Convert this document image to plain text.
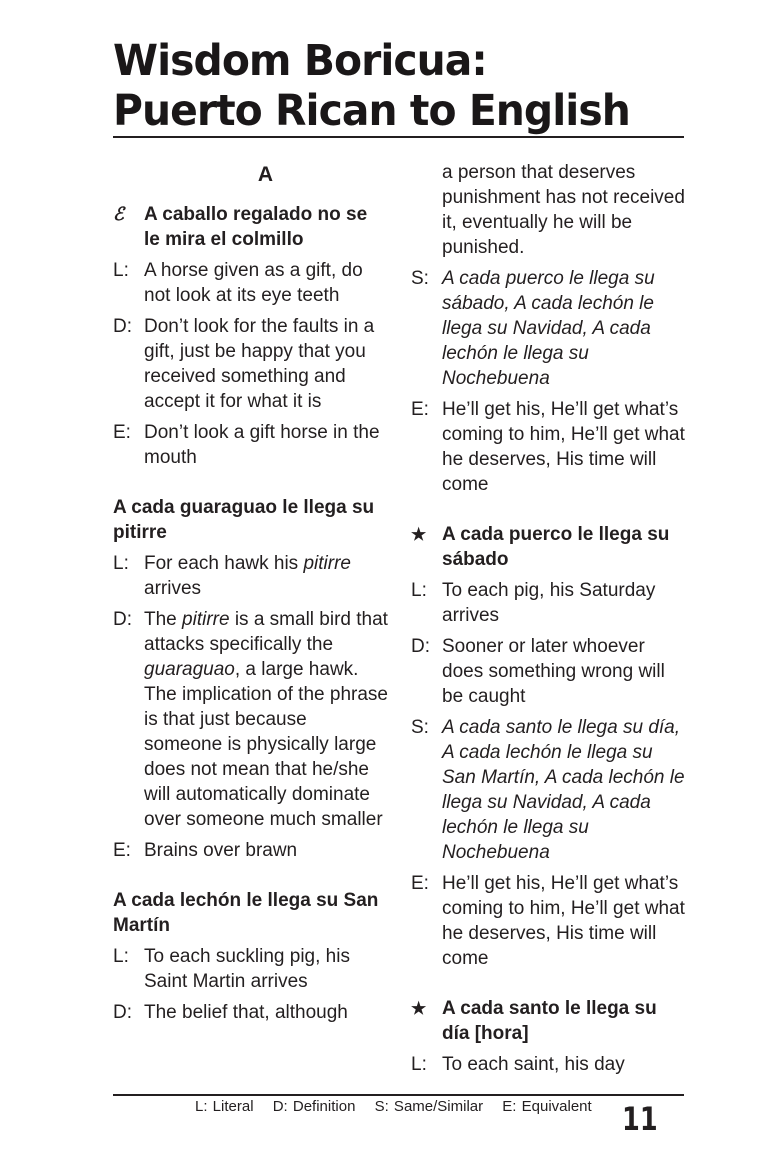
Wisdom Boricua:
Puerto Rican to English
A
ℰ	A caballo regalado no se le mira el colmillo
L: A horse given as a gift, do not look at its eye teeth
D: Don’t look for the faults in a gift, just be happy that you received something and accept it for what it is
E: Don’t look a gift horse in the mouth
A cada guaraguao le llega su pitirre
L: For each hawk his pitirre arrives
D: The pitirre is a small bird that attacks specifically the guaraguao, a large hawk. The implication of the phrase is that just because someone is physically large does not mean that he/she will automatically dominate over someone much smaller
E: Brains over brawn
A cada lechón le llega su San Martín
L: To each suckling pig, his Saint Martin arrives
D: The belief that, although
a person that deserves punishment has not received it, eventually he will be punished.
S: A cada puerco le llega su sábado, A cada lechón le llega su Navidad, A cada lechón le llega su Nochebuena
E: He’ll get his, He’ll get what’s coming to him, He’ll get what he deserves, His time will come
★ A cada puerco le llega su sábado
L: To each pig, his Saturday arrives
D: Sooner or later whoever does something wrong will be caught
S: A cada santo le llega su día, A cada lechón le llega su San Martín, A cada lechón le llega su Navidad, A cada lechón le llega su Nochebuena
E: He’ll get his, He’ll get what’s coming to him, He’ll get what he deserves, His time will come
★ A cada santo le llega su día [hora]
L: To each saint, his day
L: Literal D: Definition S: Same/Similar E: Equivalent 11
